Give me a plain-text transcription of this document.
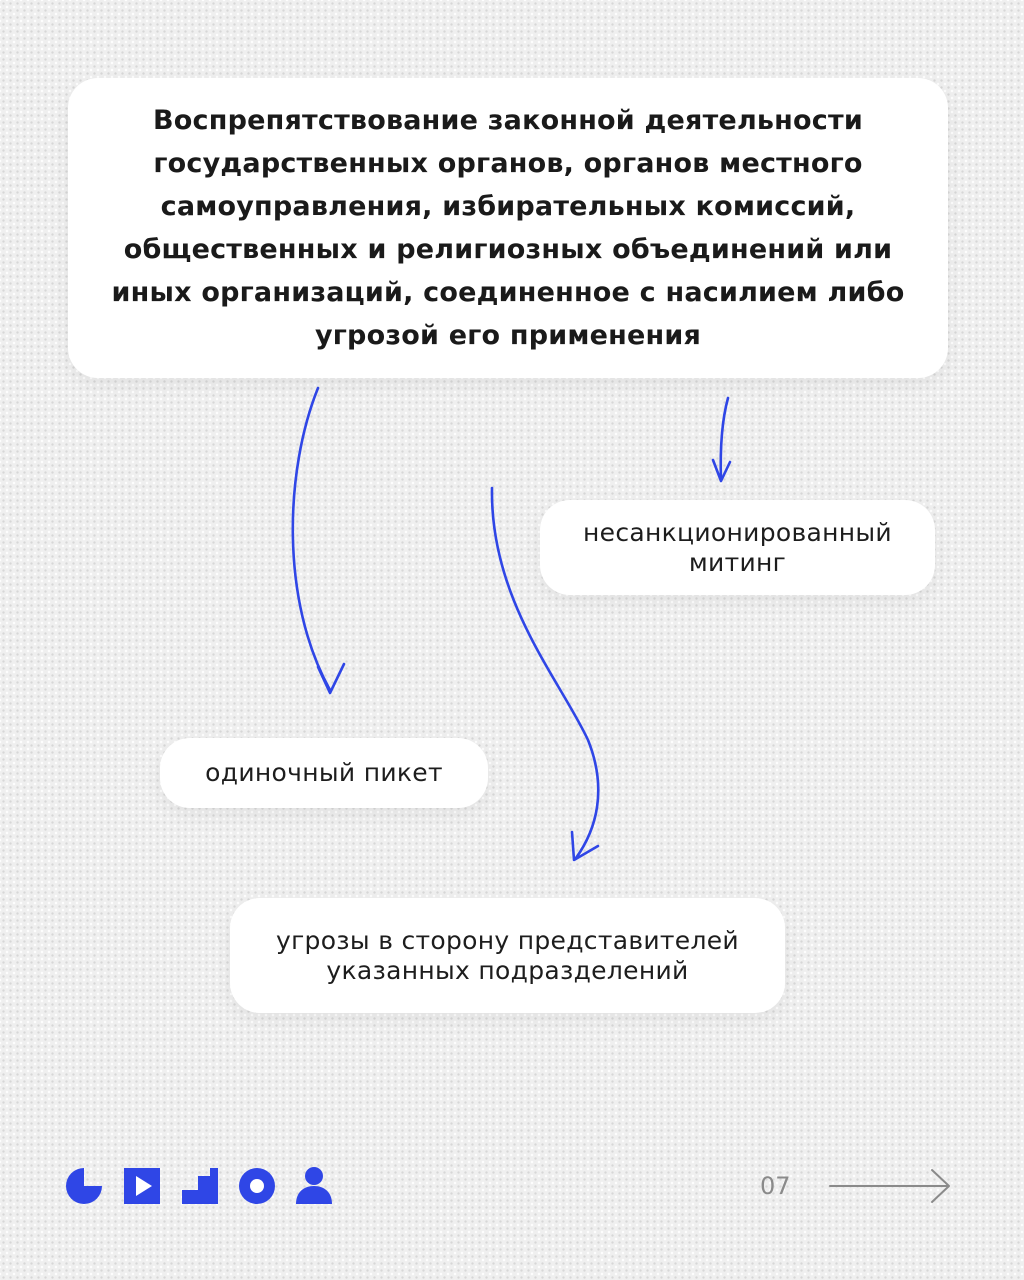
Воспрепятствование законной деятельности государственных органов, органов местного самоуправления, избирательных комиссий, общественных и религиозных объединений или иных организаций, соединенное с насилием либо угрозой его применения
несанкционированный
митинг
одиночный пикет
угрозы в сторону представителей
указанных подразделений
07
